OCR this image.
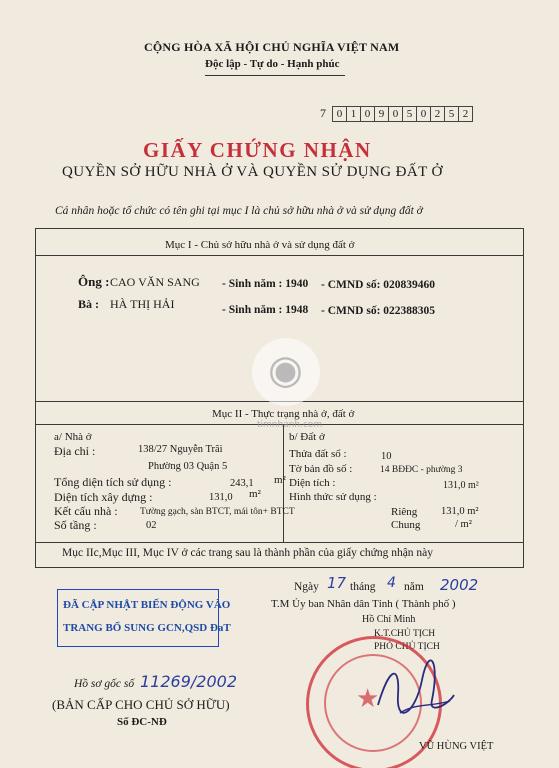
CỘNG HÒA XÃ HỘI CHỦ NGHĨA VIỆT NAM
Độc lập - Tự do - Hạnh phúc
7 0 1 0 9 0 5 0 2 5 2
GIẤY CHỨNG NHẬN
QUYỀN SỞ HỮU NHÀ Ở VÀ QUYỀN SỬ DỤNG ĐẤT Ở
Cá nhân hoặc tổ chức có tên ghi tại mục I là chủ sở hữu nhà ở và sử dụng đất ở
Mục I - Chủ sở hữu nhà ở và sử dụng đất ở
Ông : CAO VĂN SANG - Sinh năm : 1940 - CMND số: 020839460
Bà : HÀ THỊ HẢI	- Sinh năm : 1948 - CMND số: 022388305
Mục II - Thực trạng nhà ở, đất ở
a/ Nhà ở
Địa chỉ :	138/27 Nguyễn Trãi
Phường 03 Quận 5
Tổng diện tích sử dụng :	243,1 m²
Diện tích xây dựng :	131,0 m²
Kết cấu nhà : Tường gạch, sàn BTCT, mái tôn+ BTCT
Số tầng :	02
b/ Đất ở
Thửa đất số :	10
Tờ bản đồ số :	14 BĐĐC - phường 3
Diện tích :	131,0 m²
Hình thức sử dụng :
Riêng 131,0 m²
Chung	/ m²
Mục IIc,Mục III, Mục IV ở các trang sau là thành phần của giấy chứng nhận này
◉
timnhanh.com
Ngày 17 tháng 4 năm 2002
T.M Ủy ban Nhân dân Tỉnh ( Thành phố )
Hồ Chí Minh
K.T.CHỦ TỊCH
PHÓ CHỦ TỊCH
★
VŨ HÙNG VIỆT
ĐÃ CẬP NHẬT BIẾN ĐỘNG VÀO
TRANG BỔ SUNG GCN,QSD ĐaT
Hồ sơ gốc số 11269/2002
(BẢN CẤP CHO CHỦ SỞ HỮU)
Số ĐC-NĐ
